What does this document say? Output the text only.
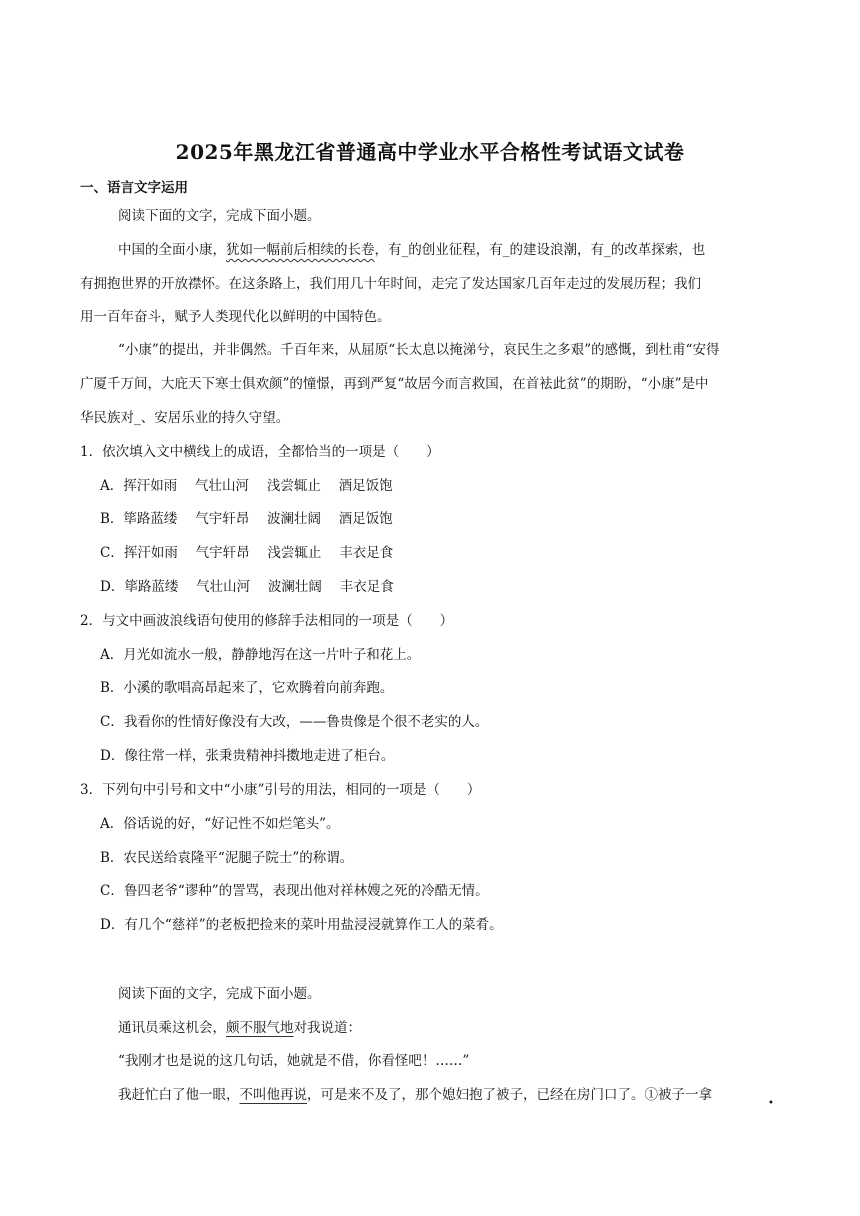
2025年黑龙江省普通高中学业水平合格性考试语文试卷
一、语言文字运用
阅读下面的文字，完成下面小题。
中国的全面小康，犹如一幅前后相续的长卷，有_的创业征程，有_的建设浪潮，有_的改革探索，也
有拥抱世界的开放襟怀。在这条路上，我们用几十年时间，走完了发达国家几百年走过的发展历程；我们
用一百年奋斗，赋予人类现代化以鲜明的中国特色。
“小康”的提出，并非偶然。千百年来，从屈原“长太息以掩涕兮，哀民生之多艰”的感慨，到杜甫“安得
广厦千万间，大庇天下寒士俱欢颜”的憧憬，再到严复“故居今而言救国，在首袪此贫”的期盼，“小康”是中
华民族对_、安居乐业的持久守望。
1．依次填入文中横线上的成语，全都恰当的一项是（　　）
A．挥汗如雨　 气壮山河　 浅尝辄止　 酒足饭饱
B．筚路蓝缕　 气宇轩昂　 波澜壮阔　 酒足饭饱
C．挥汗如雨　 气宇轩昂　 浅尝辄止　 丰衣足食
D．筚路蓝缕　 气壮山河　 波澜壮阔　 丰衣足食
2．与文中画波浪线语句使用的修辞手法相同的一项是（　　）
A．月光如流水一般，静静地泻在这一片叶子和花上。
B．小溪的歌唱高昂起来了，它欢腾着向前奔跑。
C．我看你的性情好像没有大改，——鲁贵像是个很不老实的人。
D．像往常一样，张秉贵精神抖擞地走进了柜台。
3．下列句中引号和文中“小康”引号的用法，相同的一项是（　　）
A．俗话说的好，“好记性不如烂笔头”。
B．农民送给袁隆平“泥腿子院士”的称谓。
C．鲁四老爷“谬种”的詈骂，表现出他对祥林嫂之死的冷酷无情。
D．有几个“慈祥”的老板把捡来的菜叶用盐浸浸就算作工人的菜肴。
阅读下面的文字，完成下面小题。
通讯员乘这机会，颇不服气地对我说道：
“我刚才也是说的这几句话，她就是不借，你看怪吧！……”
我赶忙白了他一眼，不叫他再说，可是来不及了，那个媳妇抱了被子，已经在房门口了。①被子一拿
•
